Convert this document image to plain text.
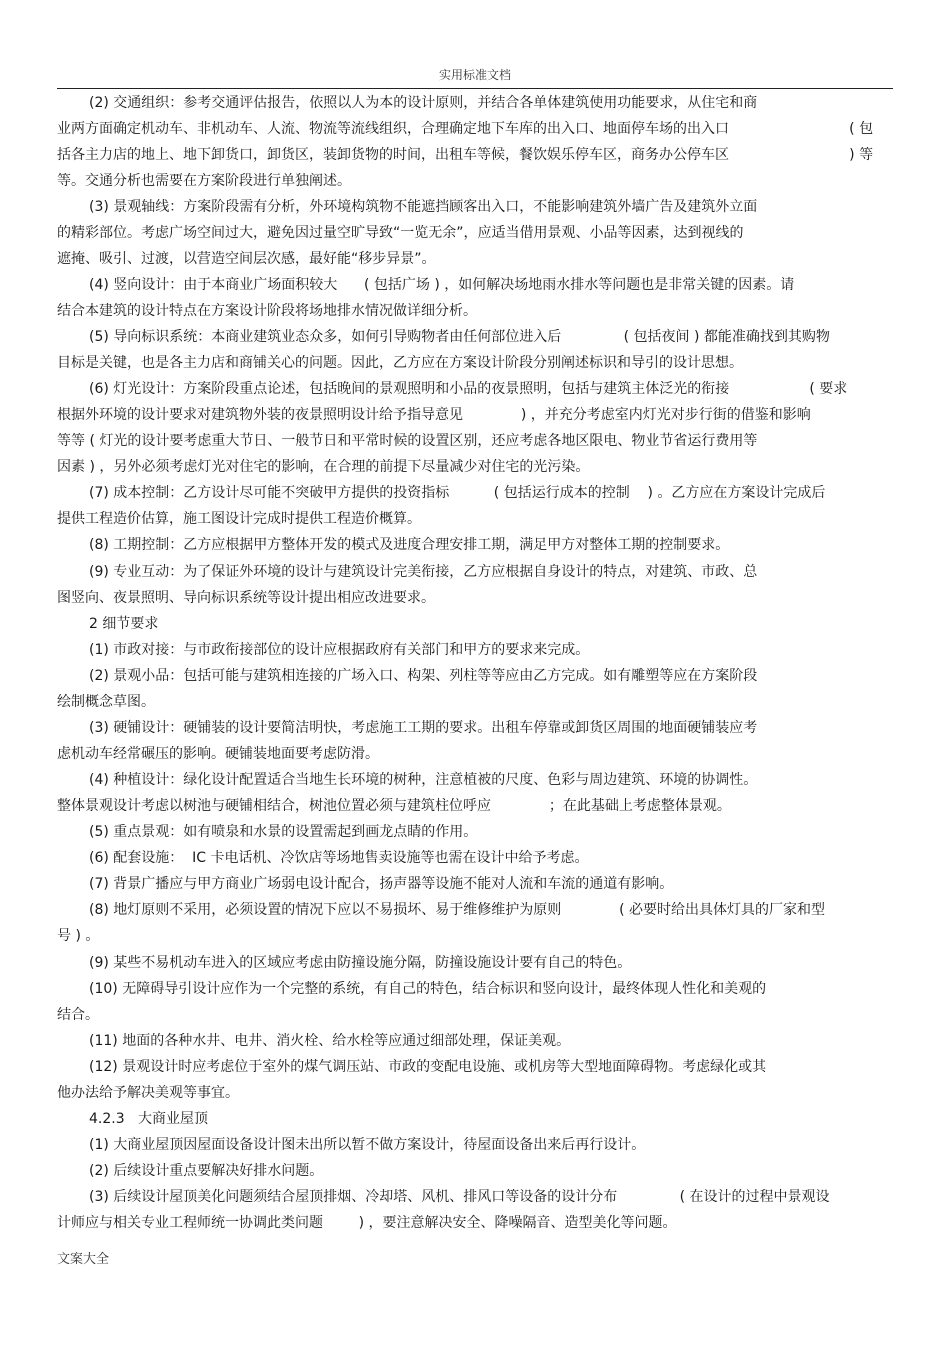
实用标准文档
(2) 交通组织：参考交通评估报告，依照以人为本的设计原则，并结合各单体建筑使用功能要求，从住宅和商
业两方面确定机动车、非机动车、人流、物流等流线组织，合理确定地下车库的出入口、地面停车场的出入口                           ( 包
括各主力店的地上、地下卸货口，卸货区，装卸货物的时间，出租车等候，餐饮娱乐停车区，商务办公停车区                           ) 等
等。交通分析也需要在方案阶段进行单独阐述。
(3) 景观轴线：方案阶段需有分析，外环境构筑物不能遮挡顾客出入口，不能影响建筑外墙广告及建筑外立面
的精彩部位。考虑广场空间过大，避免因过量空旷导致“一览无余”，应适当借用景观、小品等因素，达到视线的
遮掩、吸引、过渡，以营造空间层次感，最好能“移步异景”。
(4) 竖向设计：由于本商业广场面积较大      ( 包括广场 ) ，如何解决场地雨水排水等问题也是非常关键的因素。请
结合本建筑的设计特点在方案设计阶段将场地排水情况做详细分析。
(5) 导向标识系统：本商业建筑业态众多，如何引导购物者由任何部位进入后              ( 包括夜间 ) 都能准确找到其购物
目标是关键，也是各主力店和商铺关心的问题。因此，乙方应在方案设计阶段分别阐述标识和导引的设计思想。
(6) 灯光设计：方案阶段重点论述，包括晚间的景观照明和小品的夜景照明，包括与建筑主体泛光的衔接                  ( 要求
根据外环境的设计要求对建筑物外装的夜景照明设计给予指导意见             ) ，并充分考虑室内灯光对步行街的借鉴和影响
等等 ( 灯光的设计要考虑重大节日、一般节日和平常时候的设置区别，还应考虑各地区限电、物业节省运行费用等
因素 ) ，另外必须考虑灯光对住宅的影响，在合理的前提下尽量减少对住宅的光污染。
(7) 成本控制：乙方设计尽可能不突破甲方提供的投资指标          ( 包括运行成本的控制    ) 。乙方应在方案设计完成后
提供工程造价估算，施工图设计完成时提供工程造价概算。
(8) 工期控制：乙方应根据甲方整体开发的模式及进度合理安排工期，满足甲方对整体工期的控制要求。
(9) 专业互动：为了保证外环境的设计与建筑设计完美衔接，乙方应根据自身设计的特点，对建筑、市政、总
图竖向、夜景照明、导向标识系统等设计提出相应改进要求。
2 细节要求
(1) 市政对接：与市政衔接部位的设计应根据政府有关部门和甲方的要求来完成。
(2) 景观小品：包括可能与建筑相连接的广场入口、构架、列柱等等应由乙方完成。如有雕塑等应在方案阶段
绘制概念草图。
(3) 硬铺设计：硬铺装的设计要简洁明快，考虑施工工期的要求。出租车停靠或卸货区周围的地面硬铺装应考
虑机动车经常碾压的影响。硬铺装地面要考虑防滑。
(4) 种植设计：绿化设计配置适合当地生长环境的树种，注意植被的尺度、色彩与周边建筑、环境的协调性。
整体景观设计考虑以树池与硬铺相结合，树池位置必须与建筑柱位呼应             ；在此基础上考虑整体景观。
(5) 重点景观：如有喷泉和水景的设置需起到画龙点睛的作用。
(6) 配套设施：  IC 卡电话机、冷饮店等场地售卖设施等也需在设计中给予考虑。
(7) 背景广播应与甲方商业广场弱电设计配合，扬声器等设施不能对人流和车流的通道有影响。
(8) 地灯原则不采用，必须设置的情况下应以不易损坏、易于维修维护为原则             ( 必要时给出具体灯具的厂家和型
号 ) 。
(9) 某些不易机动车进入的区域应考虑由防撞设施分隔，防撞设施设计要有自己的特色。
(10) 无障碍导引设计应作为一个完整的系统，有自己的特色，结合标识和竖向设计，最终体现人性化和美观的
结合。
(11) 地面的各种水井、电井、消火栓、给水栓等应通过细部处理，保证美观。
(12) 景观设计时应考虑位于室外的煤气调压站、市政的变配电设施、或机房等大型地面障碍物。考虑绿化或其
他办法给予解决美观等事宜。
4.2.3   大商业屋顶
(1) 大商业屋顶因屋面设备设计图未出所以暂不做方案设计，待屋面设备出来后再行设计。
(2) 后续设计重点要解决好排水问题。
(3) 后续设计屋顶美化问题须结合屋顶排烟、冷却塔、风机、排风口等设备的设计分布              ( 在设计的过程中景观设
计师应与相关专业工程师统一协调此类问题        ) ，要注意解决安全、降噪隔音、造型美化等问题。
文案大全
